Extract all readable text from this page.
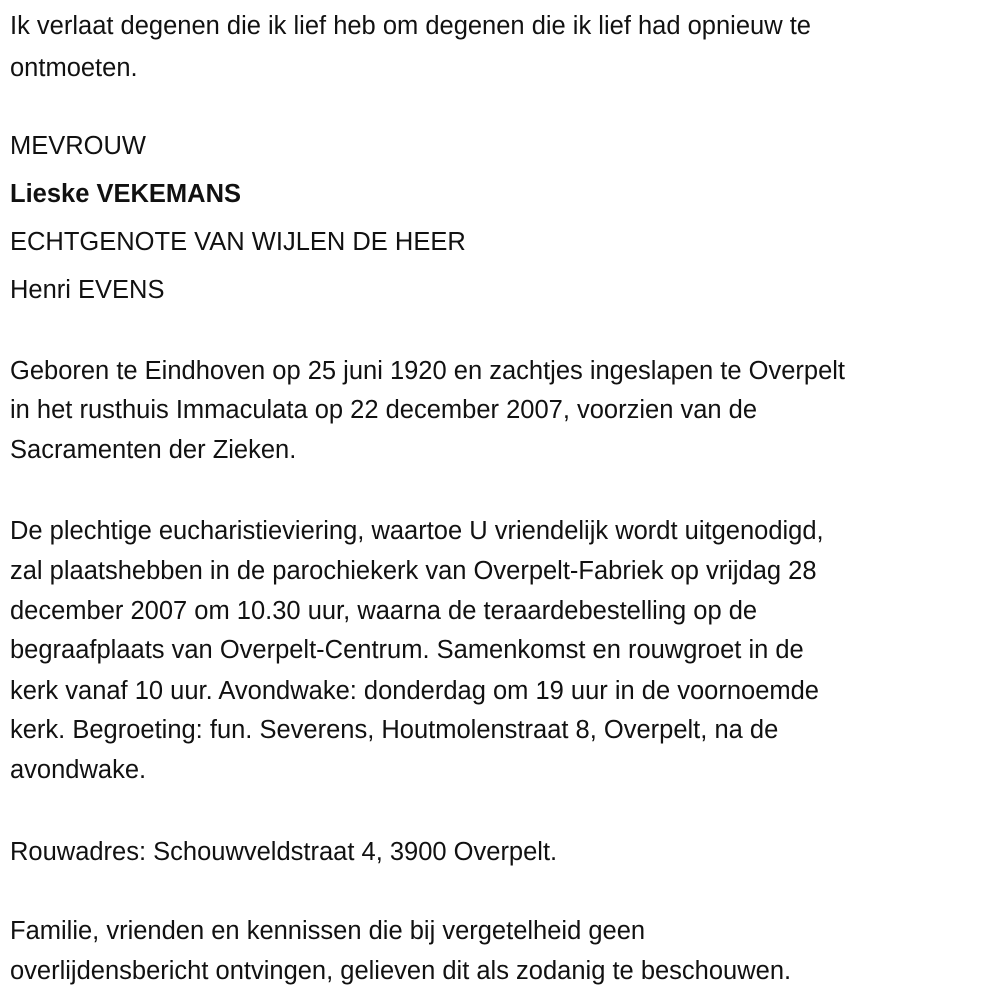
Ik verlaat degenen die ik lief heb om degenen die ik lief had opnieuw te
ontmoeten.
MEVROUW
Lieske VEKEMANS
ECHTGENOTE VAN WIJLEN DE HEER
Henri EVENS
Geboren te Eindhoven op 25 juni 1920 en zachtjes ingeslapen te Overpelt
in het rusthuis Immaculata op 22 december 2007, voorzien van de
Sacramenten der Zieken.
De plechtige eucharistieviering, waartoe U vriendelijk wordt uitgenodigd,
zal plaatshebben in de parochiekerk van Overpelt-Fabriek op vrijdag 28
december 2007 om 10.30 uur, waarna de teraardebestelling op de
begraafplaats van Overpelt-Centrum. Samenkomst en rouwgroet in de
kerk vanaf 10 uur. Avondwake: donderdag om 19 uur in de voornoemde
kerk. Begroeting: fun. Severens, Houtmolenstraat 8, Overpelt, na de
avondwake.
Rouwadres: Schouwveldstraat 4, 3900 Overpelt.
Familie, vrienden en kennissen die bij vergetelheid geen
overlijdensbericht ontvingen, gelieven dit als zodanig te beschouwen.
